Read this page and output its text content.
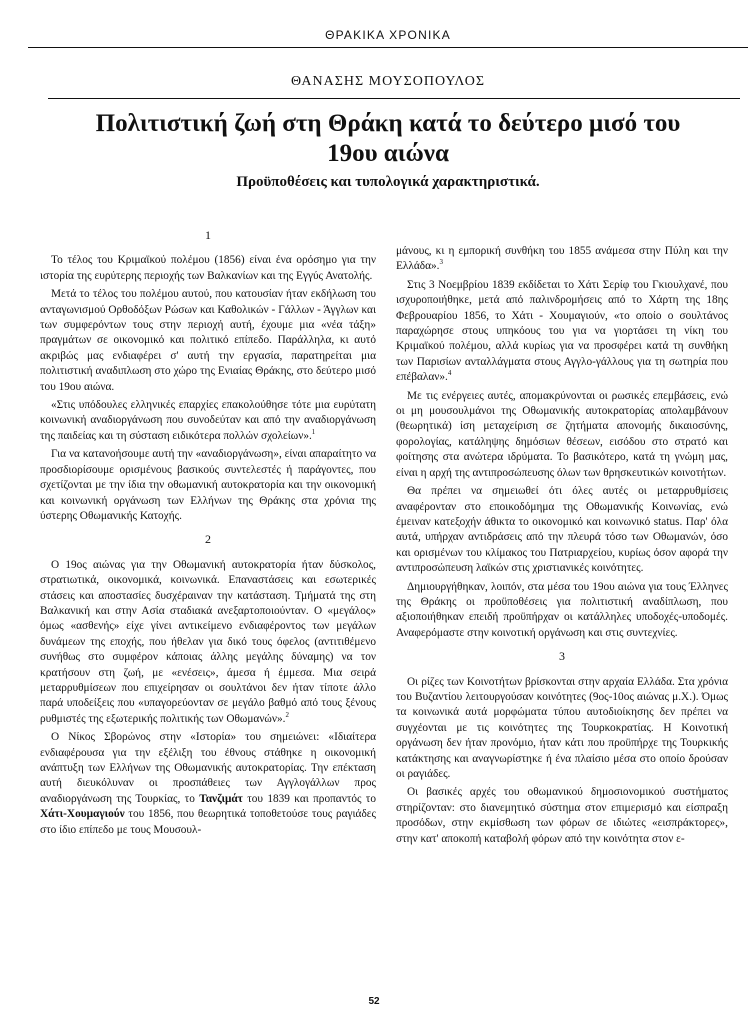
ΘΡΑΚΙΚΑ ΧΡΟΝΙΚΑ
ΘΑΝΑΣΗΣ ΜΟΥΣΟΠΟΥΛΟΣ
Πολιτιστική ζωή στη Θράκη κατά το δεύτερο μισό του 19ου αιώνα
Προϋποθέσεις και τυπολογικά χαρακτηριστικά.
1

Το τέλος του Κριμαϊκού πολέμου (1856) είναι ένα ορόσημο για την ιστορία της ευρύτερης περιοχής των Βαλκανίων και της Εγγύς Ανατολής.

Μετά το τέλος του πολέμου αυτού, που κατουσίαν ήταν εκδήλωση του ανταγωνισμού Ορθοδόξων Ρώσων και Καθολικών - Γάλλων - Άγγλων και των συμφερόντων τους στην περιοχή αυτή, έχουμε μια «νέα τάξη» πραγμάτων σε οικονομικό και πολιτικό επίπεδο. Παράλληλα, κι αυτό ακριβώς μας ενδιαφέρει σ' αυτή την εργασία, παρατηρείται μια πολιτιστική αναδιπλωση στο χώρο της Ενιαίας Θράκης, στο δεύτερο μισό του 19ου αιώνα.

«Στις υπόδουλες ελληνικές επαρχίες επακολούθησε τότε μια ευρύτατη κοινωνική αναδιοργάνωση που συνοδεύταν και από την αναδιοργάνωση της παιδείας και τη σύσταση ειδικότερα πολλών σχολείων».$^1$

Για να κατανοήσουμε αυτή την «αναδιοργάνωση», είναι απαραίτητο να προσδιορίσουμε ορισμένους βασικούς συντελεστές ή παράγοντες, που σχετίζονται με την ίδια την οθωμανική αυτοκρατορία και την οικονομική και κοινωνική οργάνωση των Ελλήνων της Θράκης στα χρόνια της ύστερης Οθωμανικής Κατοχής.

2

Ο 19ος αιώνας για την Οθωμανική αυτοκρατορία ήταν δύσκολος, στρατιωτικά, οικονομικά, κοινωνικά. Επαναστάσεις και εσωτερικές στάσεις και αποστασίες δυσχέραιναν την κατάσταση. Τμήματά της στη Βαλκανική και στην Ασία σταδιακά ανεξαρτοποιούνταν. Ο «μεγάλος» όμως «ασθενής» είχε γίνει αντικείμενο ενδιαφέροντος των μεγάλων δυνάμεων της εποχής, που ήθελαν για δικό τους όφελος (αντιτιθέμενο συνήθως στο συμφέρον κάποιας άλλης μεγάλης δύναμης) να τον κρατήσουν στη ζωή, με «ενέσεις», άμεσα ή έμμεσα. Μια σειρά μεταρρυθμίσεων που επιχείρησαν οι σουλτάνοι δεν ήταν τίποτε άλλο παρά υποδείξεις που «υπαγορεύονταν σε μεγάλο βαθμό από τους ξένους ρυθμιστές της εξωτερικής πολιτικής των Οθωμανών».$^2$

Ο Νίκος Σβορώνος στην «Ιστορία» του σημειώνει: «Ιδιαίτερα ενδιαφέρουσα για την εξέλιξη του έθνους στάθηκε η οικονομική ανάπτυξη των Ελλήνων της Οθωμανικής αυτοκρατορίας. Την επέκταση αυτή διευκόλυναν οι προσπάθειες των Αγγλογάλλων προς αναδιοργάνωση της Τουρκίας, το Τανζιμάτ του 1839 και προπαντός το Χάτι-Χουμαγιούν του 1856, που θεωρητικά τοποθετούσε τους ραγιάδες στο ίδιο επίπεδο με τους Μουσουλ-

μάνους, κι η εμπορική συνθήκη του 1855 ανάμεσα στην Πύλη και την Ελλάδα».$^3$

Στις 3 Νοεμβρίου 1839 εκδίδεται το Χάτι Σερίφ του Γκιουλχανέ, που ισχυροποιήθηκε, μετά από παλινδρομήσεις από το Χάρτη της 18ης Φεβρουαρίου 1856, το Χάτι - Χουμαγιούν, «το οποίο ο σουλτάνος παραχώρησε στους υπηκόους του για να γιορτάσει τη νίκη του Κριμαϊκού πολέμου, αλλά κυρίως για να προσφέρει κατά τη συνθήκη των Παρισίων ανταλλάγματα στους Αγγλο-γάλλους για τη σωτηρία που επέβαλαν».$^4$

Με τις ενέργειες αυτές, απομακρύνονται οι ρωσικές επεμβάσεις, ενώ οι μη μουσουλμάνοι της Οθωμανικής αυτοκρατορίας απολαμβάνουν (θεωρητικά) ίση μεταχείριση σε ζητήματα απονομής δικαιοσύνης, φορολογίας, κατάληψης δημόσιων θέσεων, εισόδου στο στρατό και φοίτησης στα ανώτερα ιδρύματα. Το βασικότερο, κατά τη γνώμη μας, είναι η αρχή της αντιπροσώπευσης όλων των θρησκευτικών κοινοτήτων.

Θα πρέπει να σημειωθεί ότι όλες αυτές οι μεταρρυθμίσεις αναφέρονταν στο εποικοδόμημα της Οθωμανικής Κοινωνίας, ενώ έμειναν κατεξοχήν άθικτα το οικονομικό και κοινωνικό status. Παρ' όλα αυτά, υπήρχαν αντιδράσεις από την πλευρά τόσο των Οθωμανών, όσο και ορισμένων του κλίμακος του Πατριαρχείου, κυρίως όσον αφορά την αντιπροσώπευση λαϊκών στις χριστιανικές κοινότητες.

Δημιουργήθηκαν, λοιπόν, στα μέσα του 19ου αιώνα για τους Έλληνες της Θράκης οι προϋποθέσεις για πολιτιστική αναδίπλωση, που αξιοποιήθηκαν επειδή προϋπήρχαν οι κατάλληλες υποδοχές-υποδομές. Αναφερόμαστε στην κοινοτική οργάνωση και στις συντεχνίες.

3

Οι ρίζες των Κοινοτήτων βρίσκονται στην αρχαία Ελλάδα. Στα χρόνια του Βυζαντίου λειτουργούσαν κοινότητες (9ος-10ος αιώνας μ.Χ.). Όμως τα κοινωνικά αυτά μορφώματα τύπου αυτοδιοίκησης δεν πρέπει να συγχέονται με τις κοινότητες της Τουρκοκρατίας. Η Κοινοτική οργάνωση δεν ήταν προνόμιο, ήταν κάτι που προϋπήρχε της Τουρκικής κατάκτησης και αναγνωρίστηκε ή ένα πλαίσιο μέσα στο οποίο δρούσαν οι ραγιάδες.

Οι βασικές αρχές του οθωμανικού δημοσιονομικού συστήματος στηρίζονταν: στο διανεμητικό σύστημα στον επιμερισμό και είσπραξη προσόδων, στην εκμίσθωση των φόρων σε ιδιώτες «εισπράκτορες», στην κατ' αποκοπή καταβολή φόρων από την κοινότητα στον ε-

52
